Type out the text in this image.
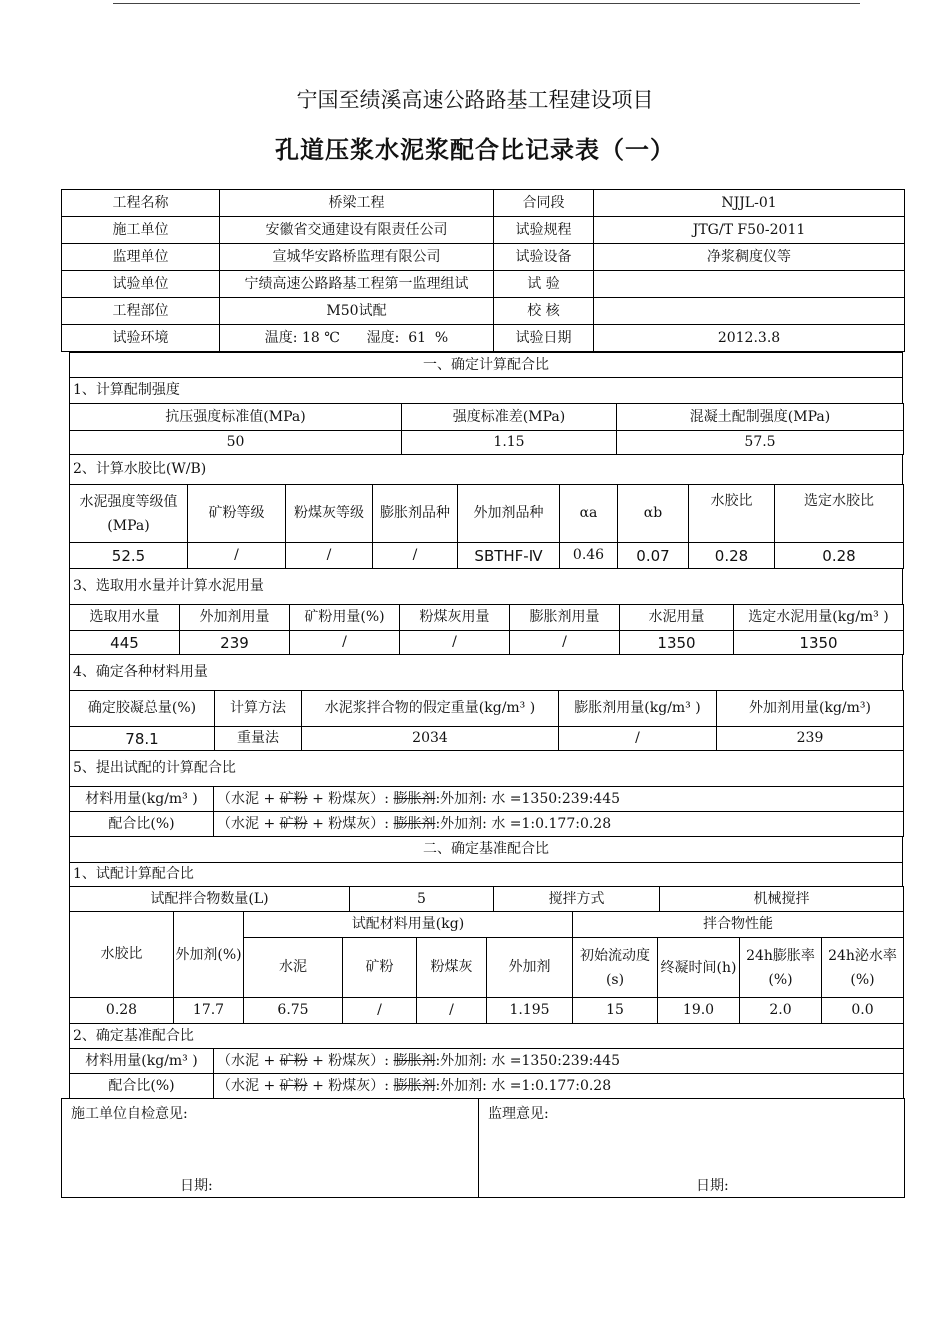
宁国至绩溪高速公路路基工程建设项目
孔道压浆水泥浆配合比记录表（一）
工程名称	桥梁工程	合同段	NJJL-01
施工单位	安徽省交通建设有限责任公司	试验规程	JTG/T F50-2011
监理单位	宣城华安路桥监理有限公司	试验设备	净浆稠度仪等
试验单位	宁绩高速公路路基工程第一监理组试	试 验	
工程部位	M50试配	校 核	
试验环境	温度: 18 ℃      湿度:  61  %	试验日期	2012.3.8
一、确定计算配合比
1、计算配制强度
抗压强度标准值(MPa)	强度标准差(MPa)	混凝土配制强度(MPa)
50	1.15	57.5
2、计算水胶比(W/B)
水泥强度等级值(MPa)	矿粉等级	粉煤灰等级	膨胀剂品种	外加剂品种	αa	αb	水胶比	选定水胶比
52.5	/	/	/	SBTHF-Ⅳ	0.46	0.07	0.28	0.28
3、选取用水量并计算水泥用量
选取用水量	外加剂用量	矿粉用量(%)	粉煤灰用量	膨胀剂用量	水泥用量	选定水泥用量(kg/m³ )
445	239	/	/	/	1350	1350
4、确定各种材料用量
确定胶凝总量(%)	计算方法	水泥浆拌合物的假定重量(kg/m³ )	膨胀剂用量(kg/m³ )	外加剂用量(kg/m³)
78.1	重量法	2034	/	239
5、提出试配的计算配合比	
材料用量(kg/m³ )	（水泥 + 矿粉 + 粉煤灰）: 膨胀剂:外加剂: 水 =1350:239:445
配合比(%)	（水泥 + 矿粉 + 粉煤灰）: 膨胀剂:外加剂: 水 =1:0.177:0.28
二、确定基准配合比
1、试配计算配合比
试配拌合物数量(L)	5	搅拌方式	机械搅拌
水胶比	外加剂(%)	试配材料用量(kg)				拌合物性能			
		水泥	矿粉	粉煤灰	外加剂	初始流动度(s)	终凝时间(h)	24h膨胀率(%)	24h泌水率(%)
0.28	17.7	6.75	/	/	1.195	15	19.0	2.0	0.0
2、确定基准配合比	
材料用量(kg/m³ )	（水泥 + 矿粉 + 粉煤灰）: 膨胀剂:外加剂: 水 =1350:239:445
配合比(%)	（水泥 + 矿粉 + 粉煤灰）: 膨胀剂:外加剂: 水 =1:0.177:0.28
施工单位自检意见:
日期:
监理意见:
日期:
